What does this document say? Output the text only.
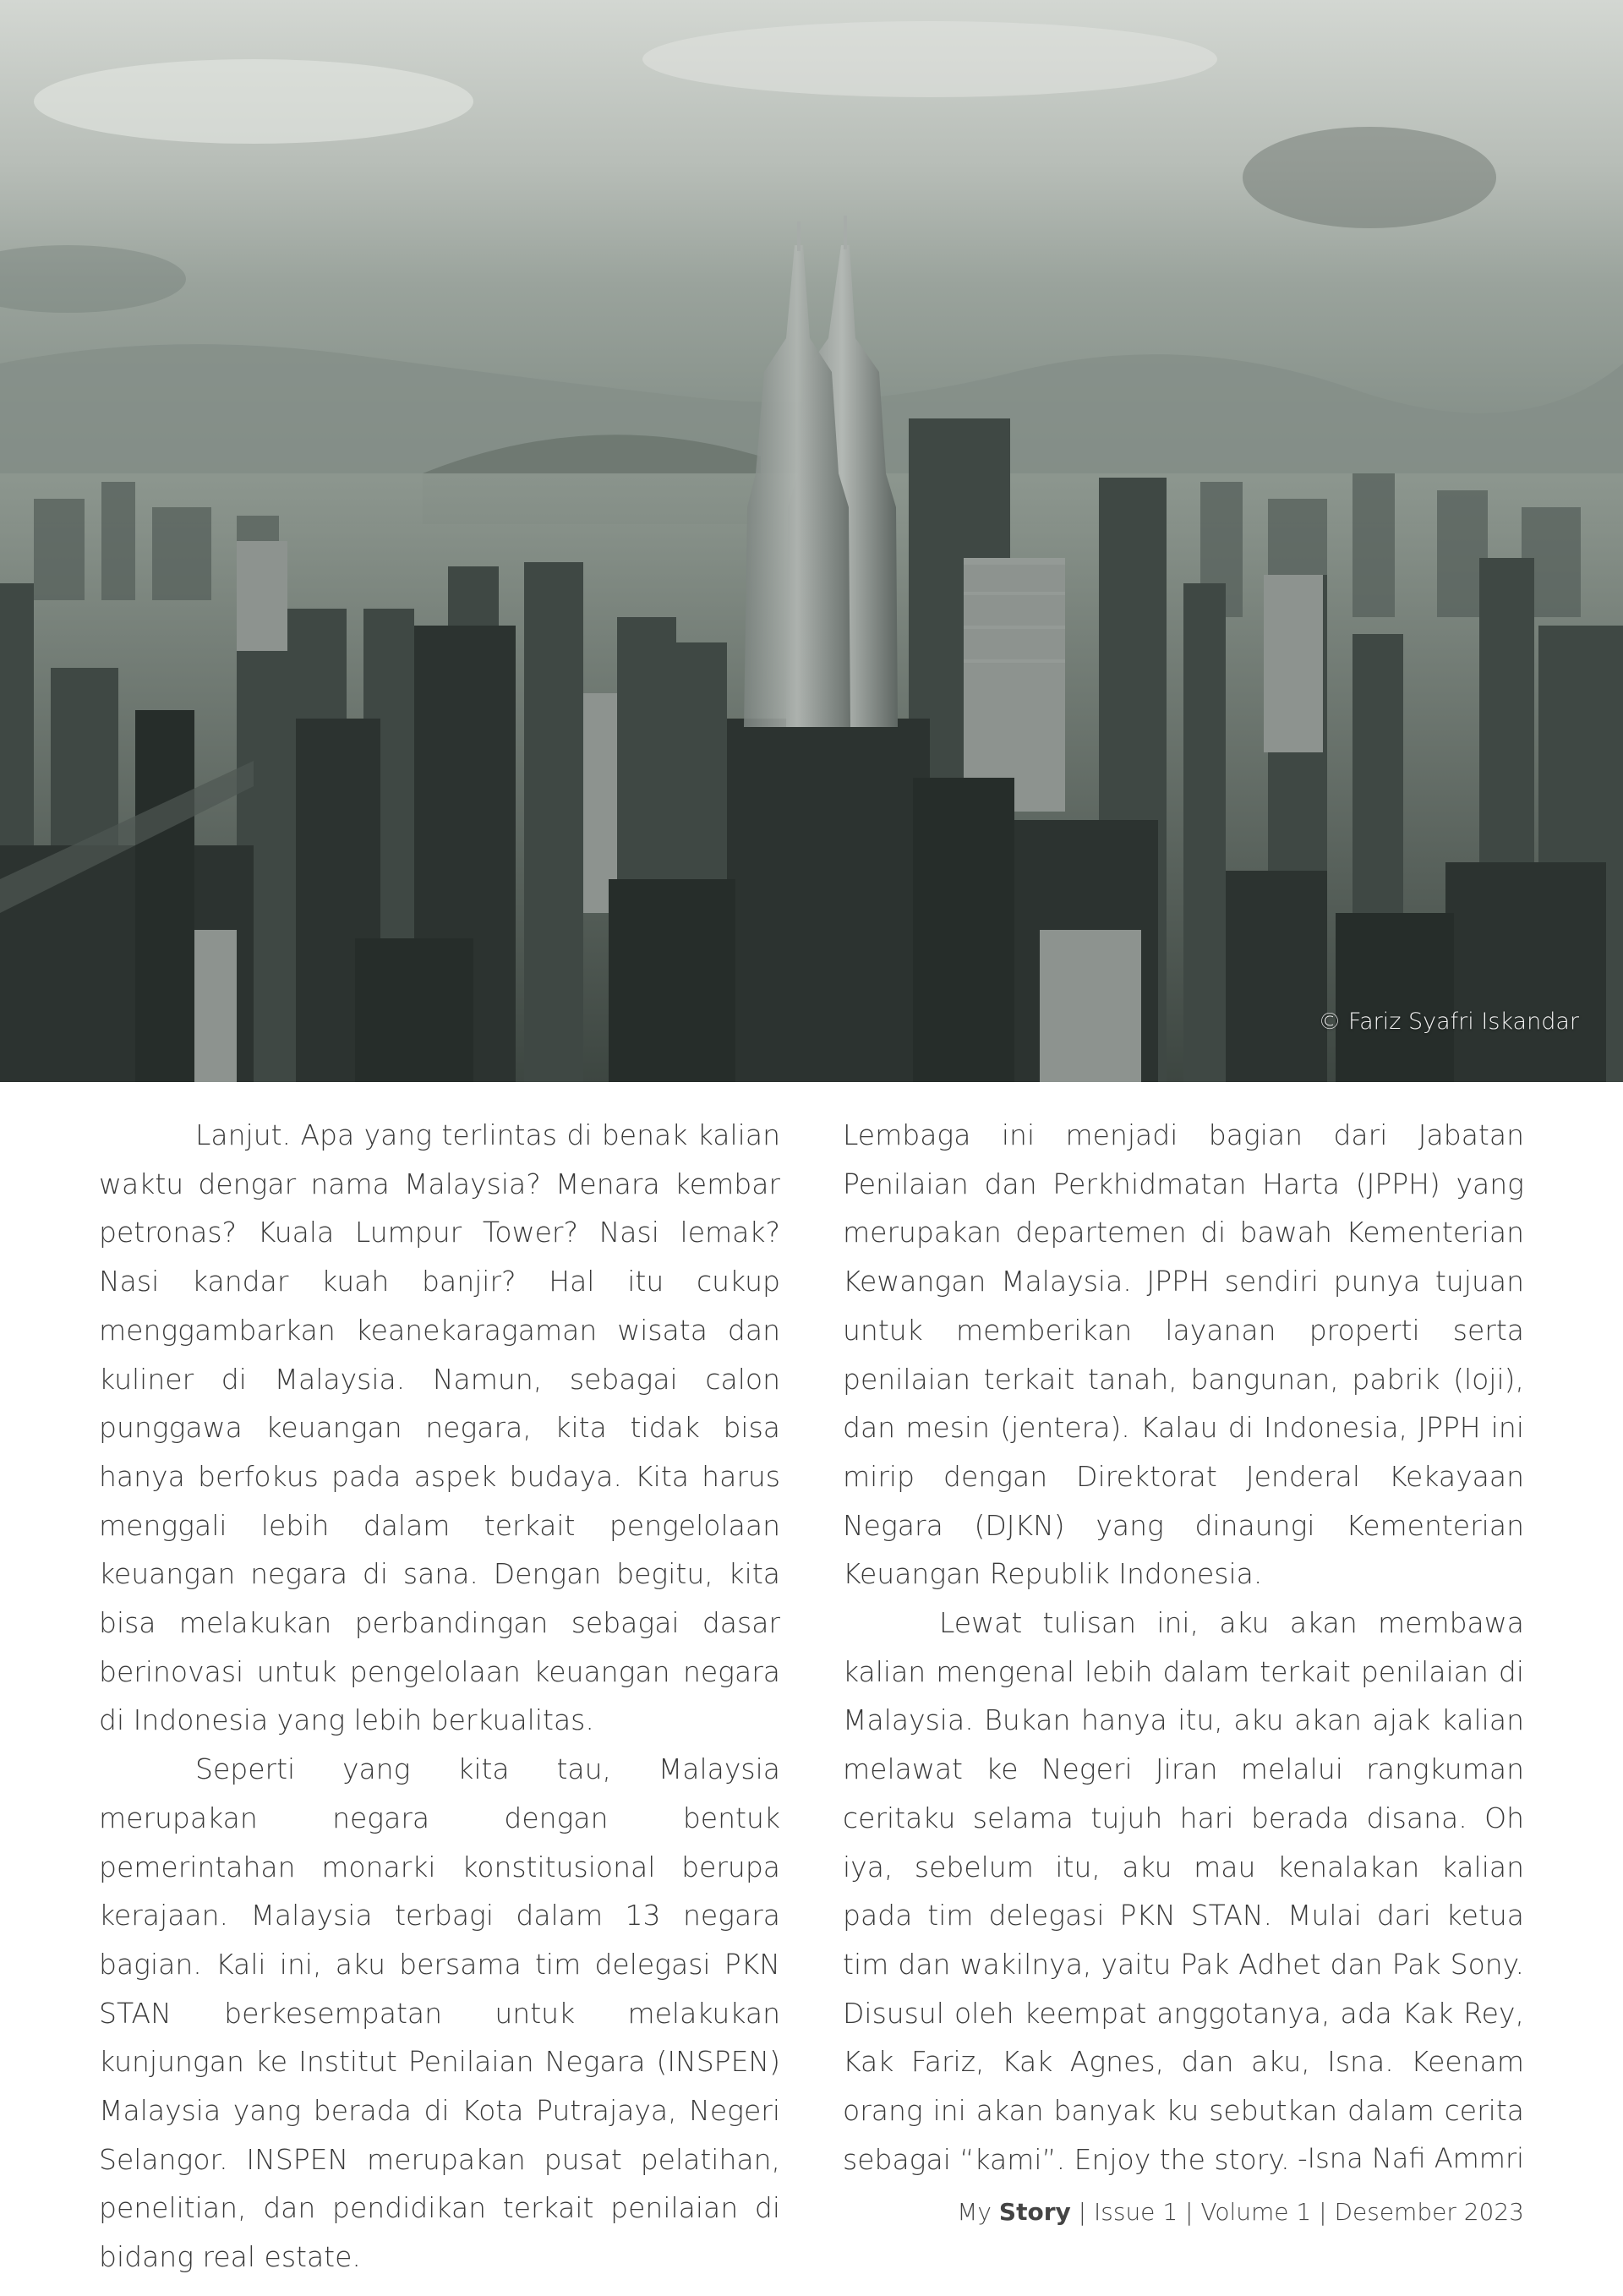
© Fariz Syafri Iskandar

Lanjut. Apa yang terlintas di benak kalian waktu dengar nama Malaysia? Menara kembar petronas? Kuala Lumpur Tower? Nasi lemak? Nasi kandar kuah banjir? Hal itu cukup menggambarkan keanekaragaman wisata dan kuliner di Malaysia. Namun, sebagai calon punggawa keuangan negara, kita tidak bisa hanya berfokus pada aspek budaya. Kita harus menggali lebih dalam terkait pengelolaan keuangan negara di sana. Dengan begitu, kita bisa melakukan perbandingan sebagai dasar berinovasi untuk pengelolaan keuangan negara di Indonesia yang lebih berkualitas.

Seperti yang kita tau, Malaysia merupakan negara dengan bentuk pemerintahan monarki konstitusional berupa kerajaan. Malaysia terbagi dalam 13 negara bagian. Kali ini, aku bersama tim delegasi PKN STAN berkesempatan untuk melakukan kunjungan ke Institut Penilaian Negara (INSPEN) Malaysia yang berada di Kota Putrajaya, Negeri Selangor. INSPEN merupakan pusat pelatihan, penelitian, dan pendidikan terkait penilaian di bidang real estate.

Lembaga ini menjadi bagian dari Jabatan Penilaian dan Perkhidmatan Harta (JPPH) yang merupakan departemen di bawah Kementerian Kewangan Malaysia. JPPH sendiri punya tujuan untuk memberikan layanan properti serta penilaian terkait tanah, bangunan, pabrik (loji), dan mesin (jentera). Kalau di Indonesia, JPPH ini mirip dengan Direktorat Jenderal Kekayaan Negara (DJKN) yang dinaungi Kementerian Keuangan Republik Indonesia.

Lewat tulisan ini, aku akan membawa kalian mengenal lebih dalam terkait penilaian di Malaysia. Bukan hanya itu, aku akan ajak kalian melawat ke Negeri Jiran melalui rangkuman ceritaku selama tujuh hari berada disana. Oh iya, sebelum itu, aku mau kenalakan kalian pada tim delegasi PKN STAN. Mulai dari ketua tim dan wakilnya, yaitu Pak Adhet dan Pak Sony. Disusul oleh keempat anggotanya, ada Kak Rey, Kak Fariz, Kak Agnes, dan aku, Isna. Keenam orang ini akan banyak ku sebutkan dalam cerita sebagai “kami”. Enjoy the story. -Isna Nafi Ammri
My Story | Issue 1 | Volume 1 | Desember 2023
